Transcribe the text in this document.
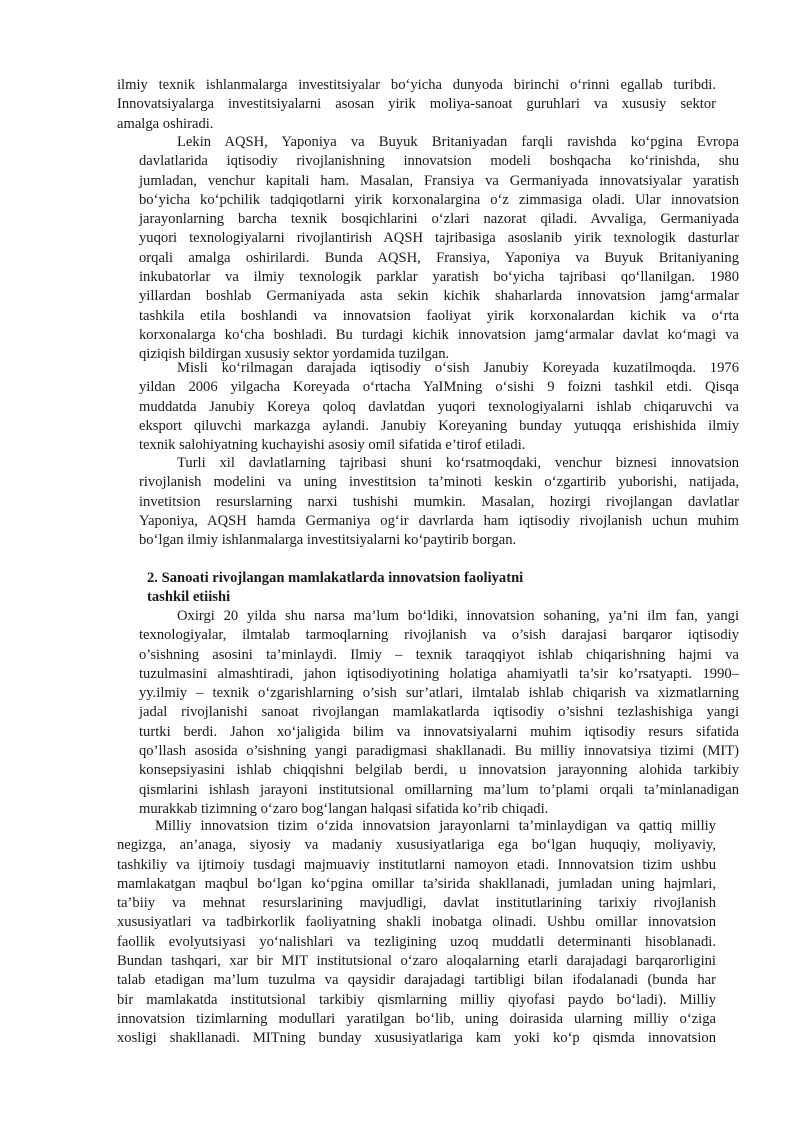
ilmiy texnik ishlanmalarga investitsiyalar bo‘yicha dunyoda birinchi o‘rinni egallab turibdi.
Innovatsiyalarga investitsiyalarni asosan yirik moliya-sanoat guruhlari va xususiy sektor
amalga oshiradi.
Lekin AQSH, Yaponiya va Buyuk Britaniyadan farqli ravishda ko‘pgina Evropa
davlatlarida iqtisodiy rivojlanishning innovatsion modeli boshqacha ko‘rinishda, shu
jumladan, venchur kapitali ham. Masalan, Fransiya va Germaniyada innovatsiyalar yaratish
bo‘yicha ko‘pchilik tadqiqotlarni yirik korxonalargina o‘z zimmasiga oladi. Ular innovatsion
jarayonlarning barcha texnik bosqichlarini o‘zlari nazorat qiladi. Avvaliga, Germaniyada
yuqori texnologiyalarni rivojlantirish AQSH tajribasiga asoslanib yirik texnologik dasturlar
orqali amalga oshirilardi. Bunda AQSH, Fransiya, Yaponiya va Buyuk Britaniyaning
inkubatorlar va ilmiy texnologik parklar yaratish bo‘yicha tajribasi qo‘llanilgan. 1980
yillardan boshlab Germaniyada asta sekin kichik shaharlarda innovatsion jamg‘armalar
tashkila etila boshlandi va innovatsion faoliyat yirik korxonalardan kichik va o‘rta
korxonalarga ko‘cha boshladi. Bu turdagi kichik innovatsion jamg‘armalar davlat ko‘magi va
qiziqish bildirgan xususiy sektor yordamida tuzilgan.
Misli ko‘rilmagan darajada iqtisodiy o‘sish Janubiy Koreyada kuzatilmoqda. 1976
yildan 2006 yilgacha Koreyada o‘rtacha YaIMning o‘sishi 9 foizni tashkil etdi. Qisqa
muddatda Janubiy Koreya qoloq davlatdan yuqori texnologiyalarni ishlab chiqaruvchi va
eksport qiluvchi markazga aylandi. Janubiy Koreyaning bunday yutuqqa erishishida ilmiy
texnik salohiyatning kuchayishi asosiy omil sifatida e’tirof etiladi.
Turli xil davlatlarning tajribasi shuni ko‘rsatmoqdaki, venchur biznesi innovatsion
rivojlanish modelini va uning investitsion ta’minoti keskin o‘zgartirib yuborishi, natijada,
invetitsion resurslarning narxi tushishi mumkin. Masalan, hozirgi rivojlangan davlatlar
Yaponiya, AQSH hamda Germaniya og‘ir davrlarda ham iqtisodiy rivojlanish uchun muhim
bo‘lgan ilmiy ishlanmalarga investitsiyalarni ko‘paytirib borgan.
2. Sanoati rivojlangan mamlakatlarda innovatsion faoliyatni
tashkil etiishi
Oxirgi 20 yilda shu narsa ma’lum bo‘ldiki, innovatsion sohaning, ya’ni ilm fan, yangi
texnologiyalar, ilmtalab tarmoqlarning rivojlanish va o’sish darajasi barqaror iqtisodiy
o’sishning asosini ta’minlaydi. Ilmiy – texnik taraqqiyot ishlab chiqarishning hajmi va
tuzulmasini almashtiradi, jahon iqtisodiyotining holatiga ahamiyatli ta’sir ko’rsatyapti. 1990–
yy.ilmiy – texnik o‘zgarishlarning o’sish sur’atlari, ilmtalab ishlab chiqarish va xizmatlarning
jadal rivojlanishi sanoat rivojlangan mamlakatlarda iqtisodiy o’sishni tezlashishiga yangi
turtki berdi. Jahon xo‘jaligida bilim va innovatsiyalarni muhim iqtisodiy resurs sifatida
qo’llash asosida o’sishning yangi paradigmasi shakllanadi. Bu milliy innovatsiya tizimi (MIT)
konsepsiyasini ishlab chiqqishni belgilab berdi, u innovatsion jarayonning alohida tarkibiy
qismlarini ishlash jarayoni institutsional omillarning ma’lum to’plami orqali ta’minlanadigan
murakkab tizimning o‘zaro bog‘langan halqasi sifatida ko’rib chiqadi.
Milliy innovatsion tizim o‘zida innovatsion jarayonlarni ta’minlaydigan va qattiq milliy
negizga, an’anaga, siyosiy va madaniy xususiyatlariga ega bo‘lgan huquqiy, moliyaviy,
tashkiliy va ijtimoiy tusdagi majmuaviy institutlarni namoyon etadi. Innnovatsion tizim ushbu
mamlakatgan maqbul bo‘lgan ko‘pgina omillar ta’sirida shakllanadi, jumladan uning hajmlari,
ta’biiy va mehnat resurslarining mavjudligi, davlat institutlarining tarixiy rivojlanish
xususiyatlari va tadbirkorlik faoliyatning shakli inobatga olinadi. Ushbu omillar innovatsion
faollik evolyutsiyasi yo‘nalishlari va tezligining uzoq muddatli determinanti hisoblanadi.
Bundan tashqari, xar bir MIT institutsional o‘zaro aloqalarning etarli darajadagi barqarorligini
talab etadigan ma’lum tuzulma va qaysidir darajadagi tartibligi bilan ifodalanadi (bunda har
bir mamlakatda institutsional tarkibiy qismlarning milliy qiyofasi paydo bo‘ladi). Milliy
innovatsion tizimlarning modullari yaratilgan bo‘lib, uning doirasida ularning milliy o‘ziga
xosligi shakllanadi. MITning bunday xususiyatlariga kam yoki ko‘p qismda innovatsion
